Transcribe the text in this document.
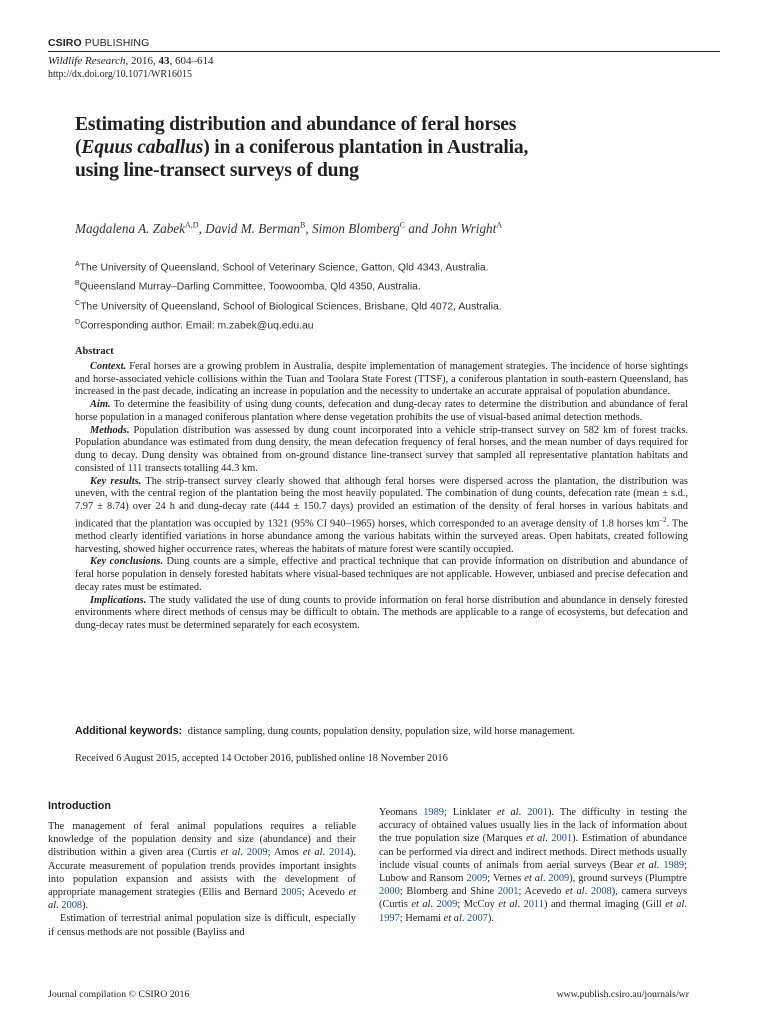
CSIRO PUBLISHING
Wildlife Research, 2016, 43, 604–614
http://dx.doi.org/10.1071/WR16015
Estimating distribution and abundance of feral horses
(Equus caballus) in a coniferous plantation in Australia,
using line-transect surveys of dung
Magdalena A. Zabek$^{A,D}$, David M. Berman$^B$, Simon Blomberg$^C$ and John Wright$^A$
$^A$The University of Queensland, School of Veterinary Science, Gatton, Qld 4343, Australia.
$^B$Queensland Murray–Darling Committee, Toowoomba, Qld 4350, Australia.
$^C$The University of Queensland, School of Biological Sciences, Brisbane, Qld 4072, Australia.
$^D$Corresponding author. Email: m.zabek@uq.edu.au
Abstract

Context. Feral horses are a growing problem in Australia, despite implementation of management strategies. The incidence of horse sightings and horse-associated vehicle collisions within the Tuan and Toolara State Forest (TTSF), a coniferous plantation in south-eastern Queensland, has increased in the past decade, indicating an increase in population and the necessity to undertake an accurate appraisal of population abundance.

Aim. To determine the feasibility of using dung counts, defecation and dung-decay rates to determine the distribution and abundance of feral horse population in a managed coniferous plantation where dense vegetation prohibits the use of visual-based animal detection methods.

Methods. Population distribution was assessed by dung count incorporated into a vehicle strip-transect survey on 582 km of forest tracks. Population abundance was estimated from dung density, the mean defecation frequency of feral horses, and the mean number of days required for dung to decay. Dung density was obtained from on-ground distance line-transect survey that sampled all representative plantation habitats and consisted of 111 transects totalling 44.3 km.

Key results. The strip-transect survey clearly showed that although feral horses were dispersed across the plantation, the distribution was uneven, with the central region of the plantation being the most heavily populated. The combination of dung counts, defecation rate (mean ± s.d., 7.97 ± 8.74) over 24 h and dung-decay rate (444 ± 150.7 days) provided an estimation of the density of feral horses in various habitats and indicated that the plantation was occupied by 1321 (95% CI 940–1965) horses, which corresponded to an average density of 1.8 horses $km^{-2}$. The method clearly identified variations in horse abundance among the various habitats within the surveyed areas. Open habitats, created following harvesting, showed higher occurrence rates, whereas the habitats of mature forest were scantily occupied.

Key conclusions. Dung counts are a simple, effective and practical technique that can provide information on distribution and abundance of feral horse population in densely forested habitats where visual-based techniques are not applicable. However, unbiased and precise defecation and decay rates must be estimated.

Implications. The study validated the use of dung counts to provide information on feral horse distribution and abundance in densely forested environments where direct methods of census may be difficult to obtain. The methods are applicable to a range of ecosystems, but defecation and dung-decay rates must be determined separately for each ecosystem.

Additional keywords: distance sampling, dung counts, population density, population size, wild horse management.
Received 6 August 2015, accepted 14 October 2016, published online 18 November 2016
Introduction

The management of feral animal populations requires a reliable knowledge of the population density and size (abundance) and their distribution within a given area (Curtis et al. 2009; Amos et al. 2014). Accurate measurement of population trends provides important insights into population expansion and assists with the development of appropriate management strategies (Ellis and Bernard 2005; Acevedo et al. 2008).

Estimation of terrestrial animal population size is difficult, especially if census methods are not possible (Bayliss and

Yeomans 1989; Linklater et al. 2001). The difficulty in testing the accuracy of obtained values usually lies in the lack of information about the true population size (Marques et al. 2001). Estimation of abundance can be performed via direct and indirect methods. Direct methods usually include visual counts of animals from aerial surveys (Bear et al. 1989; Lubow and Ransom 2009; Vernes et al. 2009), ground surveys (Plumptre 2000; Blomberg and Shine 2001; Acevedo et al. 2008), camera surveys (Curtis et al. 2009; McCoy et al. 2011) and thermal imaging (Gill et al. 1997; Hemami et al. 2007).

Journal compilation © CSIRO 2016	www.publish.csiro.au/journals/wr
